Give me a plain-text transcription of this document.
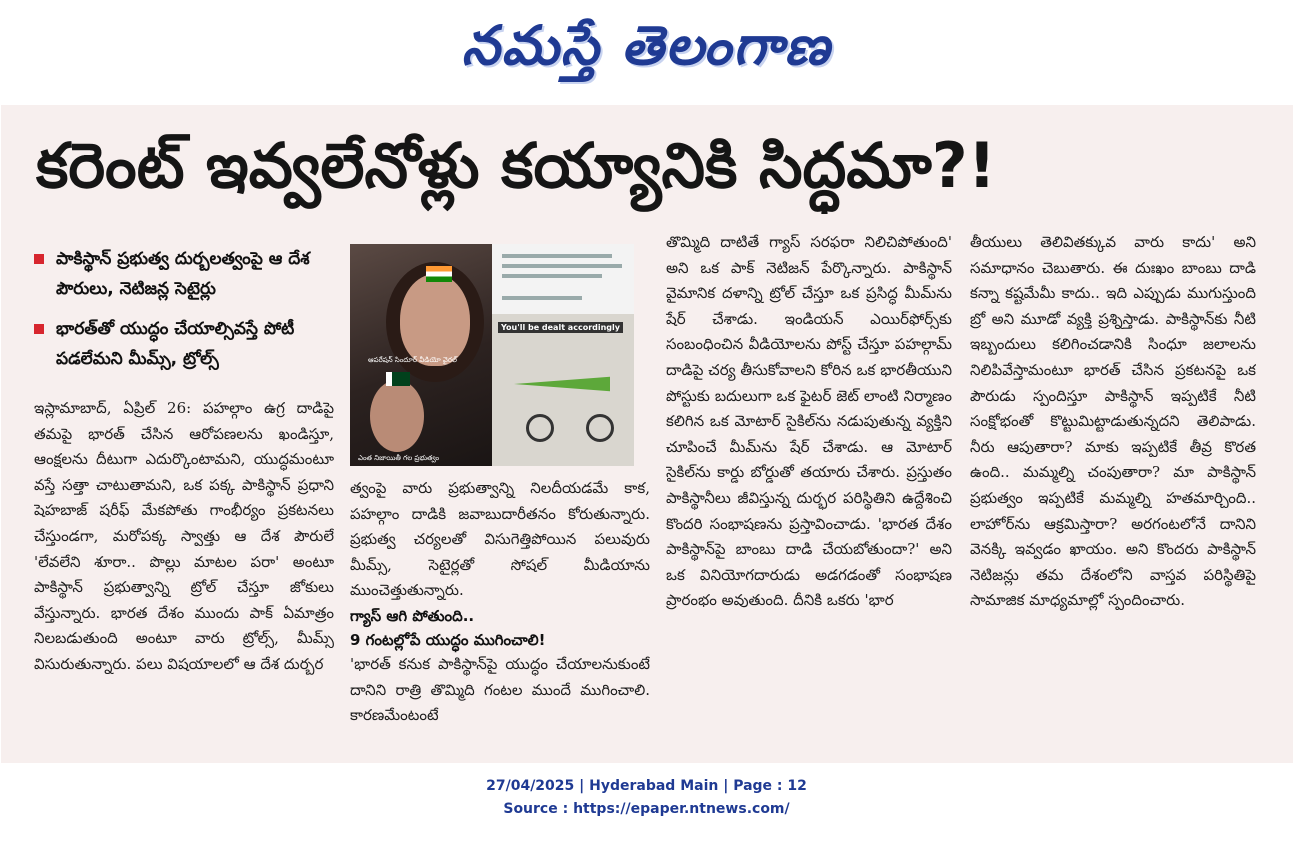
నమస్తే తెలంగాణ
కరెంట్ ఇవ్వలేనోళ్లు కయ్యానికి సిద్ధమా?!
పాకిస్థాన్ ప్రభుత్వ దుర్బలత్వంపై ఆ దేశ పౌరులు, నెటిజన్ల సెటైర్లు
భారత్‌తో యుద్ధం చేయాల్సివస్తే పోటీ పడలేమని మీమ్స్, ట్రోల్స్	ఆపరేషన్ సిందూర్ వీడియో వైరల్
ఎంత నిజాయితీ గల ప్రభుత్వం
You'll be dealt accordingly
ఇస్లామాబాద్, ఏప్రిల్ 26: పహల్గాం ఉగ్ర దాడిపై తమపై భారత్ చేసిన ఆరోపణలను ఖండిస్తూ, ఆంక్షలను దీటుగా ఎదుర్కొంటామని, యుద్ధమంటూ వస్తే సత్తా చాటుతామని, ఒక పక్క పాకిస్థాన్ ప్రధాని షెహబాజ్ షరీఫ్ మేకపోతు గాంభీర్యం ప్రకటనలు చేస్తుండగా, మరోపక్క స్వాత్తు ఆ దేశ పౌరులే 'లేవలేని శూరా.. పొల్లు మాటల పరా' అంటూ పాకిస్థాన్ ప్రభుత్వాన్ని ట్రోల్ చేస్తూ జోకులు వేస్తున్నారు. భారత దేశం ముందు పాక్ ఏమాత్రం నిలబడుతుంది అంటూ వారు ట్రోల్స్, మీమ్స్ విసురుతున్నారు. పలు విషయాలలో ఆ దేశ దుర్బర
త్వంపై వారు ప్రభుత్వాన్ని నిలదీయడమే కాక, పహల్గాం దాడికి జవాబుదారీతనం కోరుతున్నారు. ప్రభుత్వ చర్యలతో విసుగెత్తిపోయిన పలువురు మీమ్స్, సెటైర్లతో సోషల్ మీడియాను ముంచెత్తుతున్నారు.
గ్యాస్ ఆగి పోతుంది..
9 గంటల్లోపే యుద్ధం ముగించాలి!
'భారత్ కనుక పాకిస్థాన్‌పై యుద్ధం చేయాలనుకుంటే దానిని రాత్రి తొమ్మిది గంటల ముందే ముగించాలి. కారణమేంటంటే
తొమ్మిది దాటితే గ్యాస్ సరఫరా నిలిచిపోతుంది' అని ఒక పాక్ నెటిజన్ పేర్కొన్నారు. పాకిస్థాన్ వైమానిక దళాన్ని ట్రోల్ చేస్తూ ఒక ప్రసిద్ధ మీమ్‌ను షేర్ చేశాడు. ఇండియన్ ఎయిర్‌ఫోర్స్‌కు సంబంధించిన వీడియోలను పోస్ట్ చేస్తూ పహల్గామ్ దాడిపై చర్య తీసుకోవాలని కోరిన ఒక భారతీయుని పోస్టుకు బదులుగా ఒక ఫైటర్ జెట్ లాంటి నిర్మాణం కలిగిన ఒక మోటార్ సైకిల్‌ను నడుపుతున్న వ్యక్తిని చూపించే మీమ్‌ను షేర్ చేశాడు. ఆ మోటార్ సైకిల్‌ను కార్డు బోర్డుతో తయారు చేశారు. ప్రస్తుతం పాకిస్థానీలు జీవిస్తున్న దుర్భర పరిస్థితిని ఉద్దేశించి కొందరి సంభాషణను ప్రస్తావించాడు. 'భారత దేశం పాకిస్థాన్‌పై బాంబు దాడి చేయబోతుందా?' అని ఒక వినియోగదారుడు అడగడంతో సంభాషణ ప్రారంభం అవుతుంది. దీనికి ఒకరు 'భార
తీయులు తెలివితక్కువ వారు కాదు' అని సమాధానం చెబుతారు. ఈ దుఃఖం బాంబు దాడి కన్నా కష్టమేమీ కాదు.. ఇది ఎప్పుడు ముగుస్తుంది బ్రో అని మూడో వ్యక్తి ప్రశ్నిస్తాడు. పాకిస్థాన్‌కు నీటి ఇబ్బందులు కలిగించడానికి సింధూ జలాలను నిలిపివేస్తామంటూ భారత్ చేసిన ప్రకటనపై ఒక పౌరుడు స్పందిస్తూ పాకిస్థాన్ ఇప్పటికే నీటి సంక్షోభంతో కొట్టుమిట్టాడుతున్నదని తెలిపాడు. నీరు ఆపుతారా? మాకు ఇప్పటికే తీవ్ర కొరత ఉంది.. మమ్మల్ని చంపుతారా? మా పాకిస్థాన్ ప్రభుత్వం ఇప్పటికే మమ్మల్ని హతమార్చింది.. లాహోర్‌ను ఆక్రమిస్తారా? అరగంటలోనే దానిని వెనక్కి ఇవ్వడం ఖాయం. అని కొందరు పాకిస్థాన్ నెటిజన్లు తమ దేశంలోని వాస్తవ పరిస్థితిపై సామాజిక మాధ్యమాల్లో స్పందించారు.
27/04/2025 | Hyderabad Main | Page : 12
Source : https://epaper.ntnews.com/
